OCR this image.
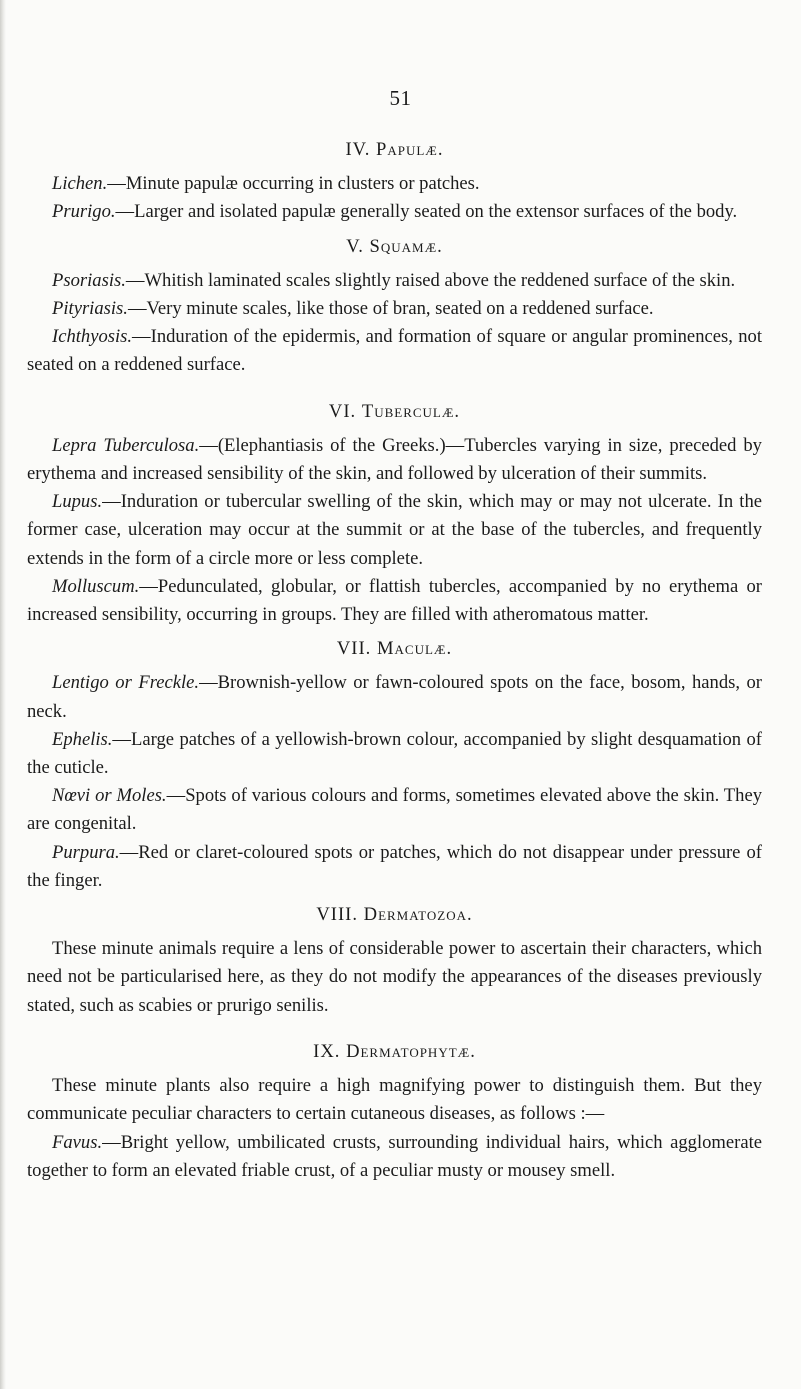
51
IV. Papulæ.

Lichen.—Minute papulæ occurring in clusters or patches.

Prurigo.—Larger and isolated papulæ generally seated on the extensor surfaces of the body.

V. Squamæ.

Psoriasis.—Whitish laminated scales slightly raised above the reddened surface of the skin.

Pityriasis.—Very minute scales, like those of bran, seated on a reddened surface.

Ichthyosis.—Induration of the epidermis, and formation of square or angular prominences, not seated on a reddened surface.

VI. Tuberculæ.

Lepra Tuberculosa.—(Elephantiasis of the Greeks.)—Tubercles varying in size, preceded by erythema and increased sensibility of the skin, and followed by ulceration of their summits.

Lupus.—Induration or tubercular swelling of the skin, which may or may not ulcerate. In the former case, ulceration may occur at the summit or at the base of the tubercles, and frequently extends in the form of a circle more or less complete.

Molluscum.—Pedunculated, globular, or flattish tubercles, accompanied by no erythema or increased sensibility, occurring in groups. They are filled with atheromatous matter.

VII. Maculæ.

Lentigo or Freckle.—Brownish-yellow or fawn-coloured spots on the face, bosom, hands, or neck.

Ephelis.—Large patches of a yellowish-brown colour, accompanied by slight desquamation of the cuticle.

Nœvi or Moles.—Spots of various colours and forms, sometimes elevated above the skin. They are congenital.

Purpura.—Red or claret-coloured spots or patches, which do not disappear under pressure of the finger.

VIII. Dermatozoa.

These minute animals require a lens of considerable power to ascertain their characters, which need not be particularised here, as they do not modify the appearances of the diseases previously stated, such as scabies or prurigo senilis.

IX. Dermatophytæ.

These minute plants also require a high magnifying power to distinguish them. But they communicate peculiar characters to certain cutaneous diseases, as follows :—

Favus.—Bright yellow, umbilicated crusts, surrounding individual hairs, which agglomerate together to form an elevated friable crust, of a peculiar musty or mousey smell.
